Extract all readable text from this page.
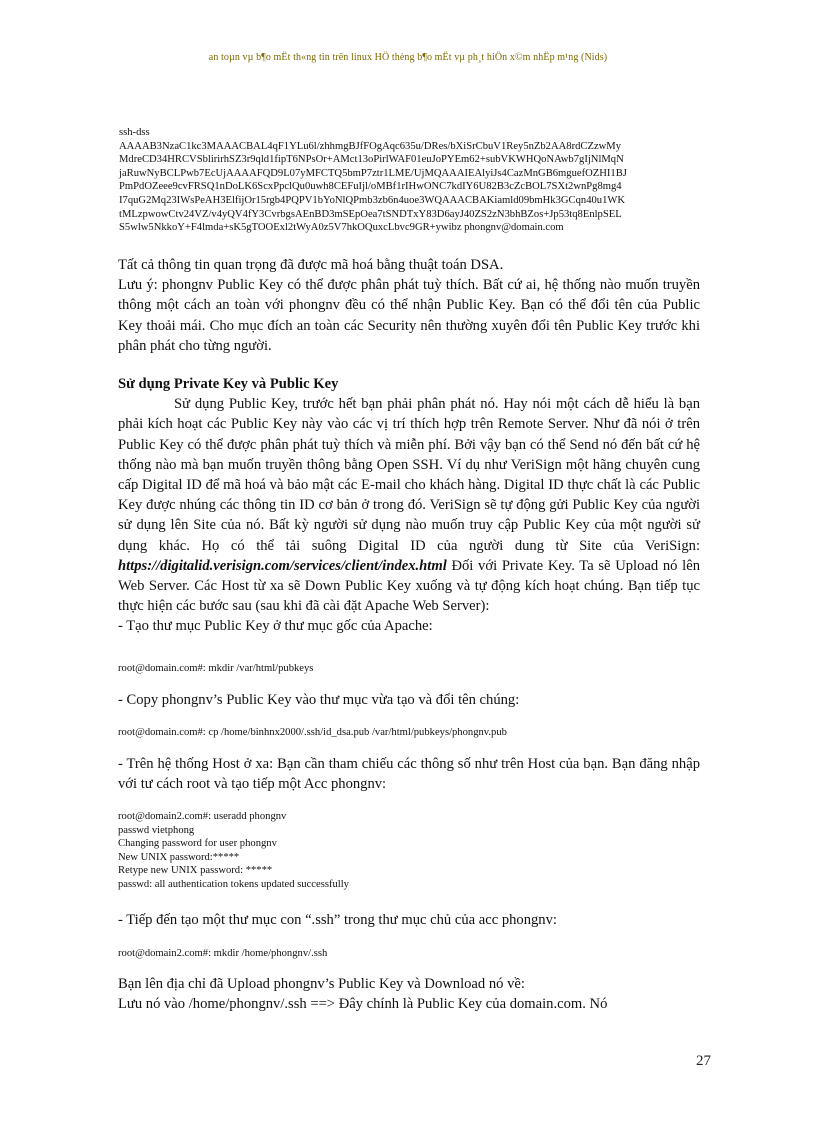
an toµn vµ b¶o mËt th«ng tin trên linux HÖ thèng b¶o mËt vµ ph¸t hiÖn x©m nhËp m¹ng (Nids)
ssh-dss
AAAAB3NzaC1kc3MAAACBAL4qF1YLu6l/zhhmgBJfFOgAqc635u/DRes/bXiSrCbuV1Rey5nZb2AA8rdCZzwMy
MdreCD34HRCVSblirirhSZ3r9qld1fipT6NPsOr+AMct13oPirlWAF01euJoPYEm62+subVKWHQoNAwb7gIjNlMqN
jaRuwNyBCLPwb7EcUjAAAAFQD9L07yMFCTQ5bmP7ztr1LME/UjMQAAAIEAlyiJs4CazMnGB6mguefOZHI1BJ
PmPdOZeee9cvFRSQ1nDoLK6ScxPpclQu0uwh8CEFuIjl/oMBf1rIHwONC7kdIY6U82B3cZcBOL7SXt2wnPg8mg4
I7quG2Mq23IWsPeAH3ElfijOr15rgb4PQPV1bYoNlQPmb3zb6n4uoe3WQAAACBAKiamld09bmHk3GCqn40u1WK
tMLzpwowCtv24VZ/v4yQV4fY3CvrbgsAEnBD3mSEpOea7tSNDTxY83D6ayJ40ZS2zN3bhBZos+Jp53tq8EnlpSEL
S5wlw5NkkoY+F4lmda+sK5gTOOExl2tWyA0z5V7hkOQuxcLbvc9GR+ywibz phongnv@domain.com

Tất cả thông tin quan trọng đã được mã hoá bằng thuật toán DSA.

Lưu ý: phongnv Public Key có thể được phân phát tuỳ thích. Bất cứ ai, hệ thống nào muốn truyền thông một cách an toàn với phongnv đều có thể nhận Public Key. Bạn có thể đổi tên của Public Key thoải mái. Cho mục đích an toàn các Security nên thường xuyên đổi tên Public Key trước khi phân phát cho từng người.

Sử dụng Private Key và Public Key

Sử dụng Public Key, trước hết bạn phải phân phát nó. Hay nói một cách dễ hiểu là bạn phải kích hoạt các Public Key này vào các vị trí thích hợp trên Remote Server. Như đã nói ở trên Public Key có thể được phân phát tuỳ thích và miễn phí. Bởi vậy bạn có thể Send nó đến bất cứ hệ thống nào mà bạn muốn truyền thông bằng Open SSH. Ví dụ như VeriSign một hãng chuyên cung cấp Digital ID để mã hoá và bảo mật các E-mail cho khách hàng. Digital ID thực chất là các Public Key được nhúng các thông tin ID cơ bản ở trong đó. VeriSign sẽ tự động gửi Public Key của người sử dụng lên Site của nó. Bất kỳ người sử dụng nào muốn truy cập Public Key của một người sử dụng khác. Họ có thể tải suông Digital ID của người dung từ Site của VeriSign: https://digitalid.verisign.com/services/client/index.html Đối với Private Key. Ta sẽ Upload nó lên Web Server. Các Host từ xa sẽ Down Public Key xuống và tự động kích hoạt chúng. Bạn tiếp tục thực hiện các bước sau (sau khi đã cài đặt Apache Web Server):

- Tạo thư mục Public Key ở thư mục gốc của Apache:

root@domain.com#: mkdir /var/html/pubkeys

- Copy phongnv’s Public Key vào thư mục vừa tạo và đổi tên chúng:

root@domain.com#: cp /home/binhnx2000/.ssh/id_dsa.pub /var/html/pubkeys/phongnv.pub

- Trên hệ thống Host ở xa: Bạn cần tham chiếu các thông số như trên Host của bạn. Bạn đăng nhập với tư cách root và tạo tiếp một Acc phongnv:

root@domain2.com#: useradd phongnv

passwd vietphong

Changing password for user phongnv

New UNIX password:*****

Retype new UNIX password: *****

passwd: all authentication tokens updated successfully

- Tiếp đến tạo một thư mục con “.ssh” trong thư mục chủ của acc phongnv:

root@domain2.com#: mkdir /home/phongnv/.ssh

Bạn lên địa chỉ đã Upload phongnv’s Public Key và Download nó về:

Lưu nó vào /home/phongnv/.ssh ==> Đây chính là Public Key của domain.com. Nó

27
